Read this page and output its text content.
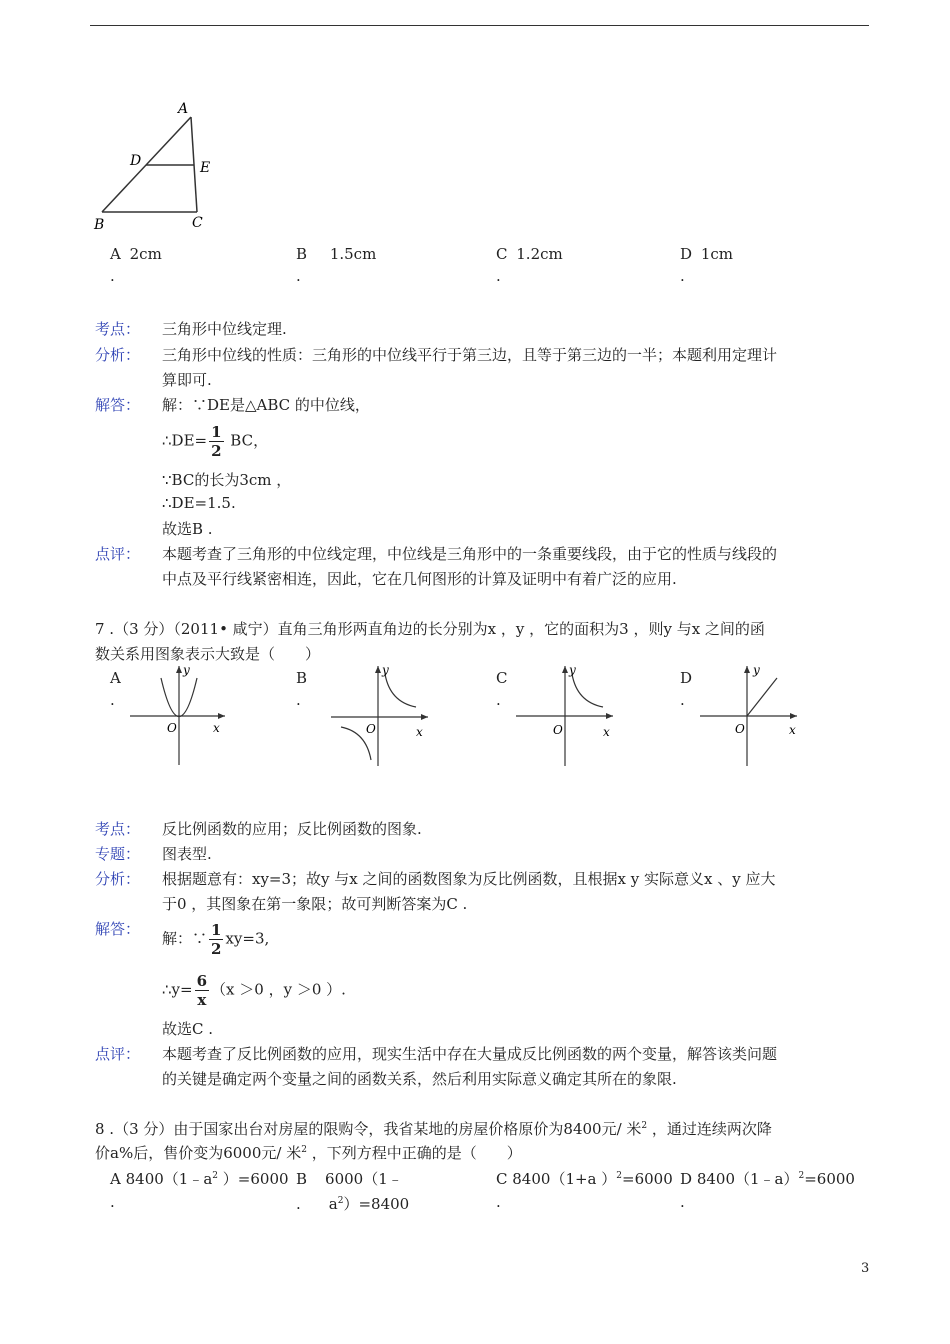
A
D	E
B	C
A 2cm
.
B 1.5cm
.
C 1.2cm
.
D 1cm
.
考点： 三角形中位线定理.
分析： 三角形中位线的性质：三角形的中位线平行于第三边，且等于第三边的一半；本题利用定理计
算即可.
解答： 解：∵DE是△ABC 的中位线，
∴DE= $\frac{1}{2}$ BC，
∵BC的长为3cm ，
∴DE=1.5.
故选B .
点评： 本题考查了三角形的中位线定理，中位线是三角形中的一条重要线段，由于它的性质与线段的
中点及平行线紧密相连，因此，它在几何图形的计算及证明中有着广泛的应用.
7 .（3 分）（2011• 咸宁）直角三角形两直角边的长分别为x ，y ，它的面积为3 ，则y 与x 之间的函
数关系用图象表示大致是（　　）
A
.
B
.
C
.
D
.
y
O	x
y
O	x
y
O	x
y
O	x
考点： 反比例函数的应用；反比例函数的图象.
专题： 图表型.
分析： 根据题意有：xy=3；故y 与x 之间的函数图象为反比例函数，且根据x y 实际意义x 、y 应大
于0 ，其图象在第一象限；故可判断答案为C .
解答：
解：∵ $\frac{1}{2} xy=3$,
∴y= $\frac{6}{x} (x >0$ ，y ＞0 ）.
故选C .
点评： 本题考查了反比例函数的应用，现实生活中存在大量成反比例函数的两个变量，解答该类问题
的关键是确定两个变量之间的函数关系，然后利用实际意义确定其所在的象限.
8 .（3 分）由于国家出台对房屋的限购令，我省某地的房屋价格原价为8400元/ 米$^2$ ，通过连续两次降
价a%后，售价变为6000元/ 米$^2$ ，下列方程中正确的是（　　）
A $8400(1﹣a^2$ ）=6000
.
B 6000（1﹣
. $a^2)=8400$
C 8400（1+a ）$^2$=6000
.
D 8400（1﹣a）$^2$=6000
.
3
